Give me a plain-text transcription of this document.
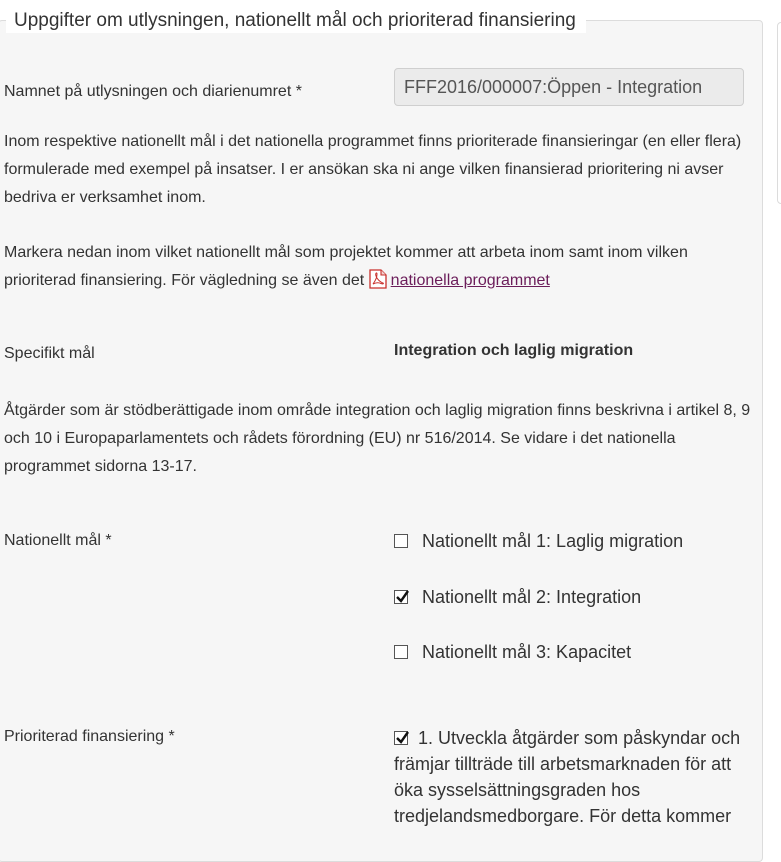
Uppgifter om utlysningen, nationellt mål och prioriterad finansiering
Namnet på utlysningen och diarienumret *	FFF2016/000007:Öppen - Integration
Inom respektive nationellt mål i det nationella programmet finns prioriterade finansieringar (en eller flera) formulerade med exempel på insatser. I er ansökan ska ni ange vilken finansierad prioritering ni avser bedriva er verksamhet inom.
Markera nedan inom vilket nationellt mål som projektet kommer att arbeta inom samt inom vilken prioriterad finansiering. För vägledning se även det nationella programmet
Specifikt mål	Integration och laglig migration
Åtgärder som är stödberättigade inom område integration och laglig migration finns beskrivna i artikel 8, 9 och 10 i Europaparlamentets och rådets förordning (EU) nr 516/2014. Se vidare i det nationella programmet sidorna 13-17.
Nationellt mål *	Nationellt mål 1: Laglig migration
Nationellt mål 2: Integration
Nationellt mål 3: Kapacitet
Prioriterad finansiering *	1. Utveckla åtgärder som påskyndar och främjar tillträde till arbetsmarknaden för att öka sysselsättningsgraden hos tredjelandsmedborgare. För detta kommer
